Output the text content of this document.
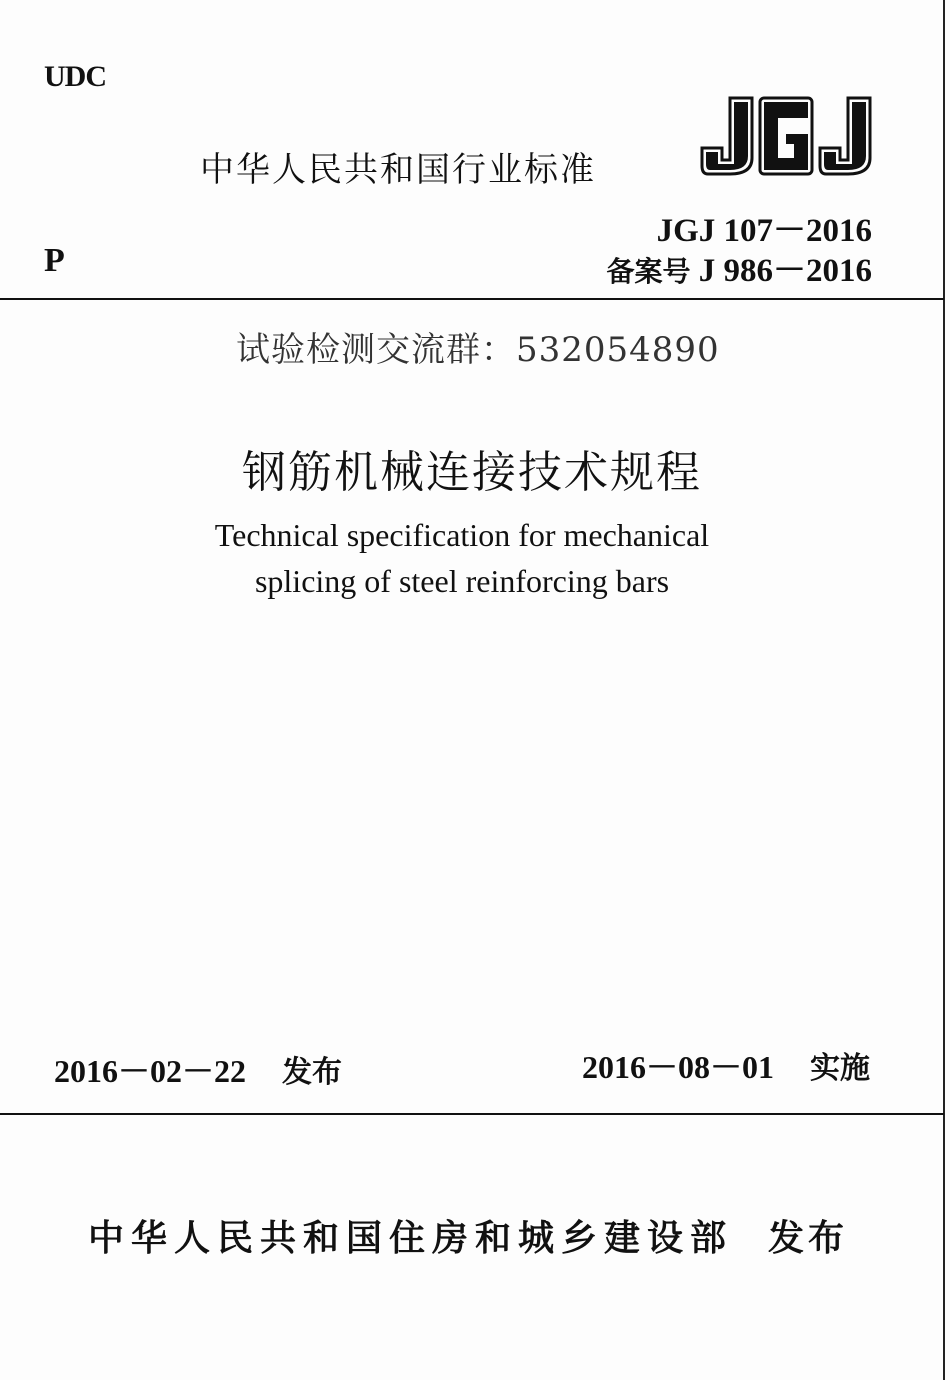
UDC
P
中华人民共和国行业标准
JGJ 107－2016
备案号 J 986－2016
试验检测交流群：532054890
钢筋机械连接技术规程
Technical specification for mechanical
splicing of steel reinforcing bars
2016－02－22 发布	2016－08－01 实施
中华人民共和国住房和城乡建设部 发布
